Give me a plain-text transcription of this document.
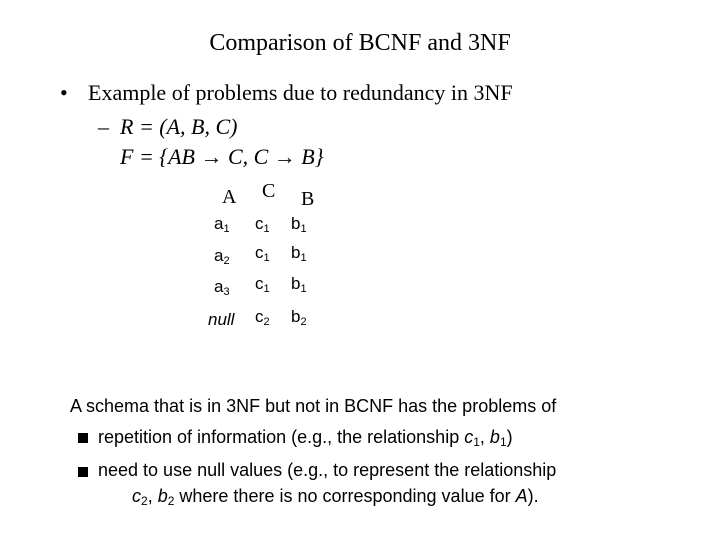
Comparison of BCNF and 3NF
• Example of problems due to redundancy in 3NF
– R = (A, B, C)
F = {AB → C, C → B}
A C B
$a_1$ $c_1$ $b_1$
$a_2$ $c_1$ $b_1$
$a_3$ $c_1$ $b_1$
null $c_2$ $b_2$
A schema that is in 3NF but not in BCNF has the problems of
repetition of information (e.g., the relationship $c_1$, $b_1$)
need to use null values (e.g., to represent the relationship
$c_2$, $b_2$ where there is no corresponding value for A).
